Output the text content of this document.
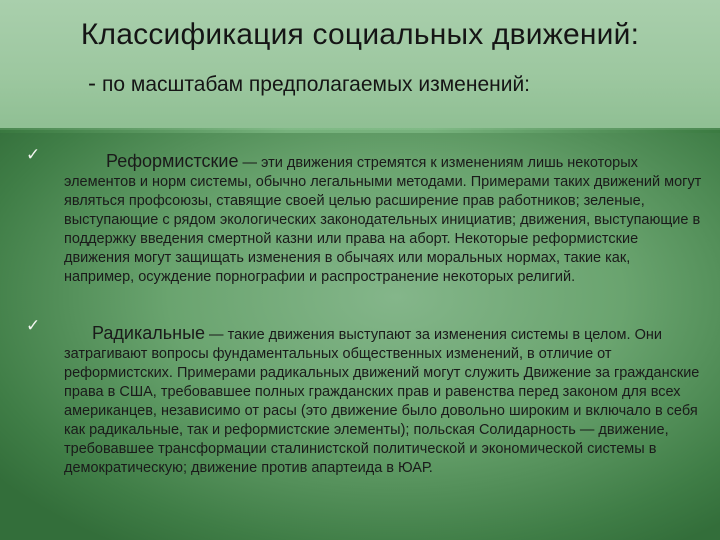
Классификация социальных движений:
- по масштабам предполагаемых изменений:
✓	Реформистские — эти движения стремятся к изменениям лишь некоторых элементов и норм системы, обычно легальными методами. Примерами таких движений могут являться профсоюзы, ставящие своей целью расширение прав работников; зеленые, выступающие с рядом экологических законодательных инициатив; движения, выступающие в поддержку введения смертной казни или права на аборт. Некоторые реформистские движения могут защищать изменения в обычаях или моральных нормах, такие как, например, осуждение порнографии и распространение некоторых религий.
✓	Радикальные — такие движения выступают за изменения системы в целом. Они затрагивают вопросы фундаментальных общественных изменений, в отличие от реформистских. Примерами радикальных движений могут служить Движение за гражданские права в США, требовавшее полных гражданских прав и равенства перед законом для всех американцев, независимо от расы (это движение было довольно широким и включало в себя как радикальные, так и реформистские элементы); польская Солидарность — движение, требовавшее трансформации сталинистской политической и экономической системы в демократическую; движение против апартеида в ЮАР.
